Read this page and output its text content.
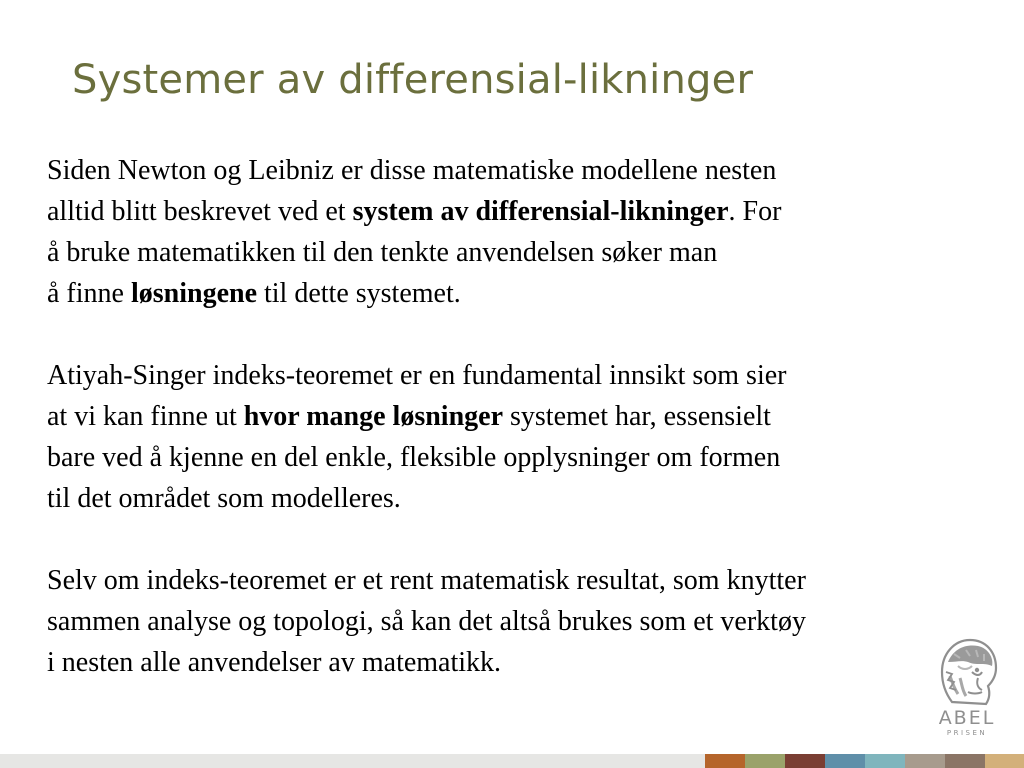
Systemer av differensial-likninger

Siden Newton og Leibniz er disse matematiske modellene nesten
alltid blitt beskrevet ved et system av differensial-likninger. For
å bruke matematikken til den tenkte anvendelsen søker man
å finne løsningene til dette systemet.

Atiyah-Singer indeks-teoremet er en fundamental innsikt som sier
at vi kan finne ut hvor mange løsninger systemet har, essensielt
bare ved å kjenne en del enkle, fleksible opplysninger om formen
til det området som modelleres.

Selv om indeks-teoremet er et rent matematisk resultat, som knytter
sammen analyse og topologi, så kan det altså brukes som et verktøy
i nesten alle anvendelser av matematikk.

ABEL
PRISEN
